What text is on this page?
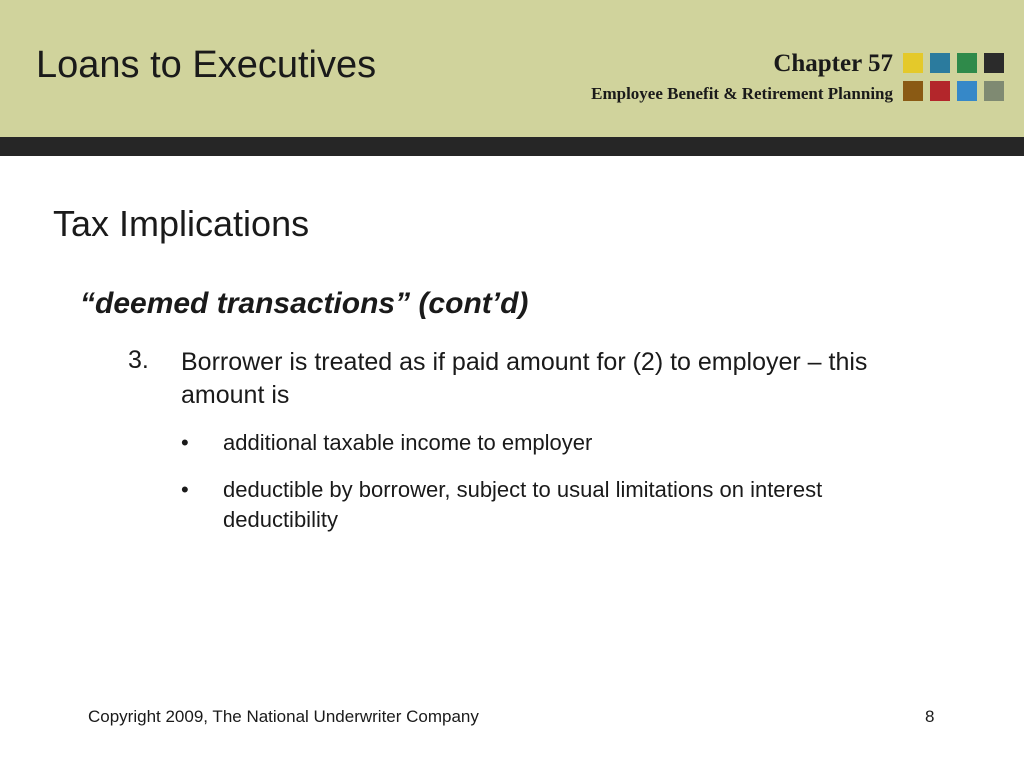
Loans to Executives	Chapter 57
Employee Benefit & Retirement Planning
Tax Implications
“deemed transactions” (cont’d)
3. Borrower is treated as if paid amount for (2) to employer – this amount is
• additional taxable income to employer
• deductible by borrower, subject to usual limitations on interest deductibility
Copyright 2009, The National Underwriter Company	8
